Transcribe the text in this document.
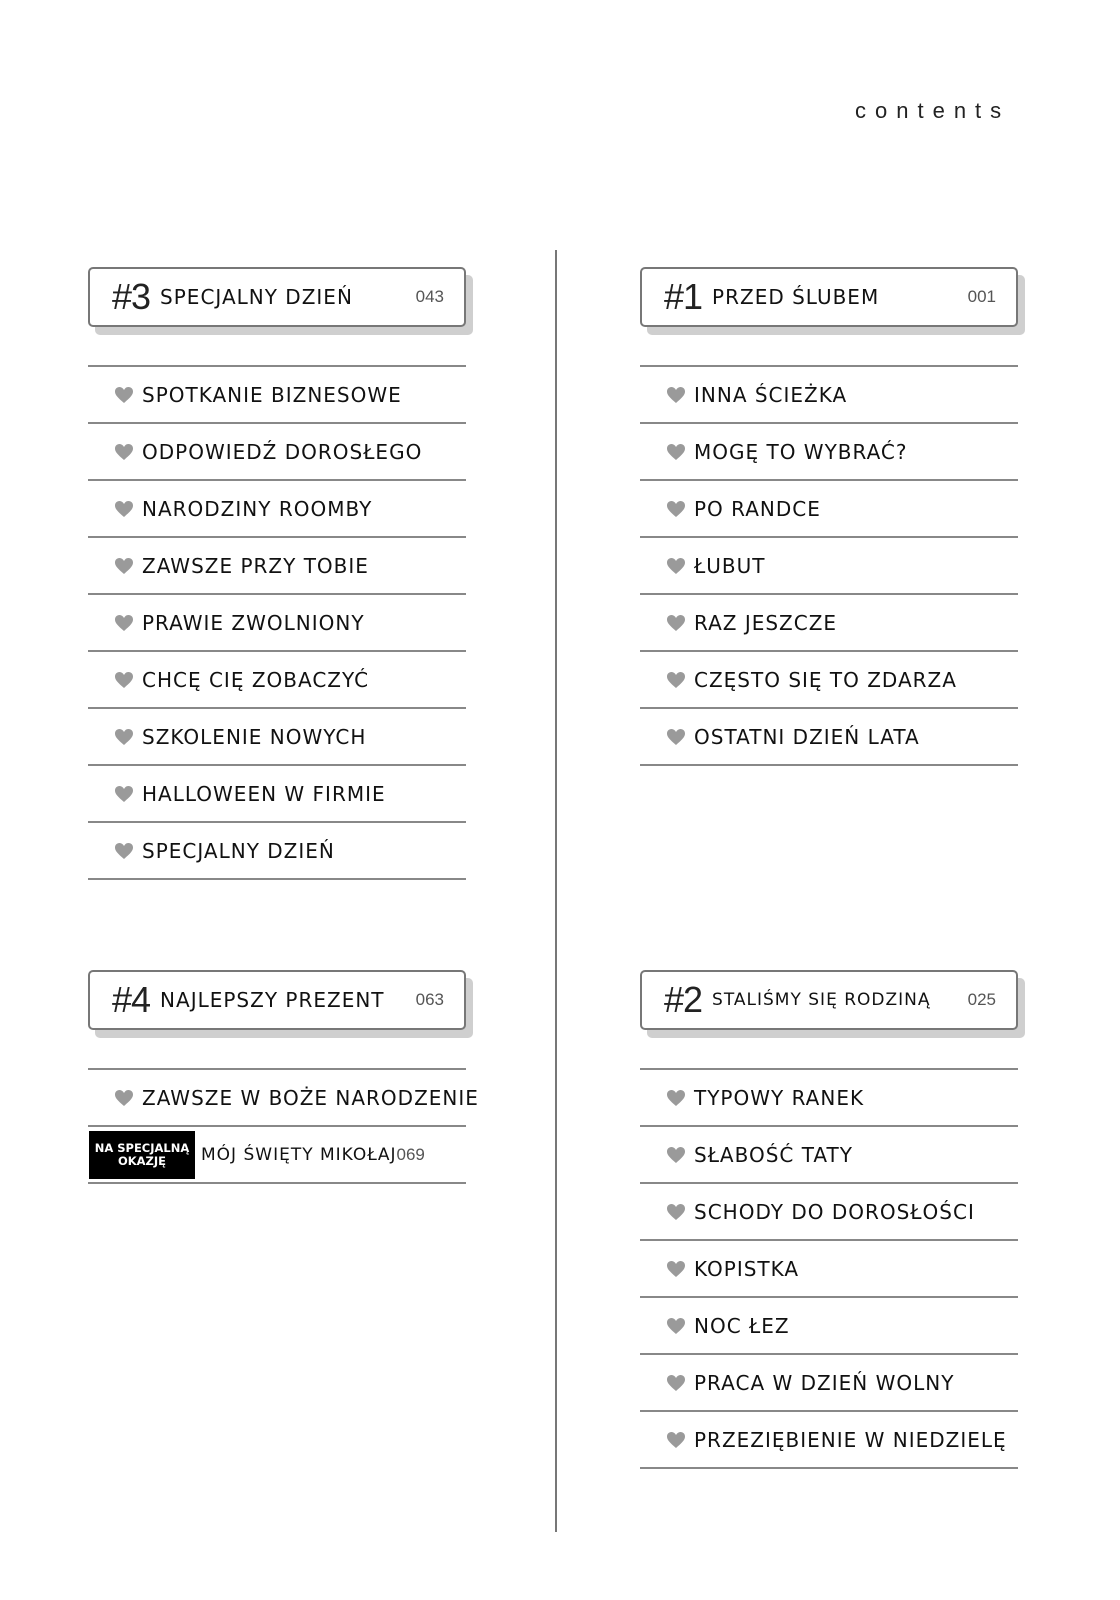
contents
#3 SPECJALNY DZIEŃ	043
SPOTKANIE BIZNESOWE
ODPOWIEDŹ DOROSŁEGO
NARODZINY ROOMBY
ZAWSZE PRZY TOBIE
PRAWIE ZWOLNIONY
CHCĘ CIĘ ZOBACZYĆ
SZKOLENIE NOWYCH
HALLOWEEN W FIRMIE
SPECJALNY DZIEŃ
#1 PRZED ŚLUBEM	001
INNA ŚCIEŻKA
MOGĘ TO WYBRAĆ?
PO RANDCE
ŁUBUT
RAZ JESZCZE
CZĘSTO SIĘ TO ZDARZA
OSTATNI DZIEŃ LATA
#4 NAJLEPSZY PREZENT 063
ZAWSZE W BOŻE NARODZENIE
NA SPECJALNĄ OKAZJĘ	MÓJ ŚWIĘTY MIKOŁAJ 069
#2 STALIŚMY SIĘ RODZINĄ 025
TYPOWY RANEK
SŁABOŚĆ TATY
SCHODY DO DOROSŁOŚCI
KOPISTKA
NOC ŁEZ
PRACA W DZIEŃ WOLNY
PRZEZIĘBIENIE W NIEDZIELĘ
